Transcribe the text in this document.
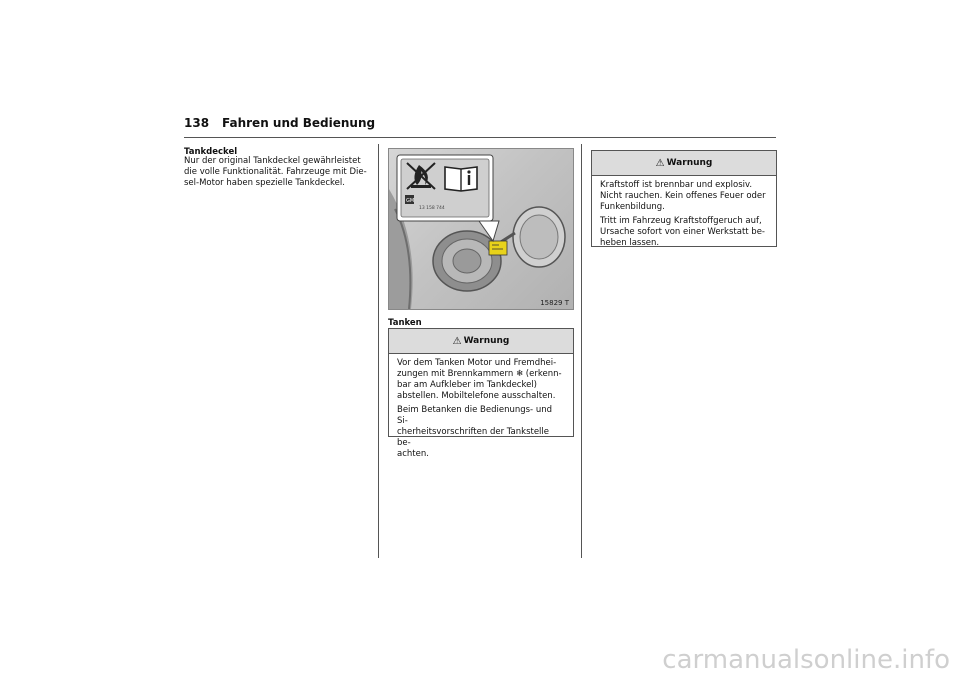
138 Fahren und Bedienung
Tankdeckel
Nur der original Tankdeckel gewährleistet
die volle Funktionalität. Fahrzeuge mit Die-
sel-Motor haben spezielle Tankdeckel.
GM
13 158 744
15829 T
Tanken
⚠ Warnung
Vor dem Tanken Motor und Fremdhei-
zungen mit Brennkammern ❄ (erkenn-
bar am Aufkleber im Tankdeckel)
abstellen. Mobiltelefone ausschalten.
Beim Betanken die Bedienungs- und Si-
cherheitsvorschriften der Tankstelle be-
achten.
⚠ Warnung
Kraftstoff ist brennbar und explosiv.
Nicht rauchen. Kein offenes Feuer oder
Funkenbildung.
Tritt im Fahrzeug Kraftstoffgeruch auf,
Ursache sofort von einer Werkstatt be-
heben lassen.
carmanualsonline.info
